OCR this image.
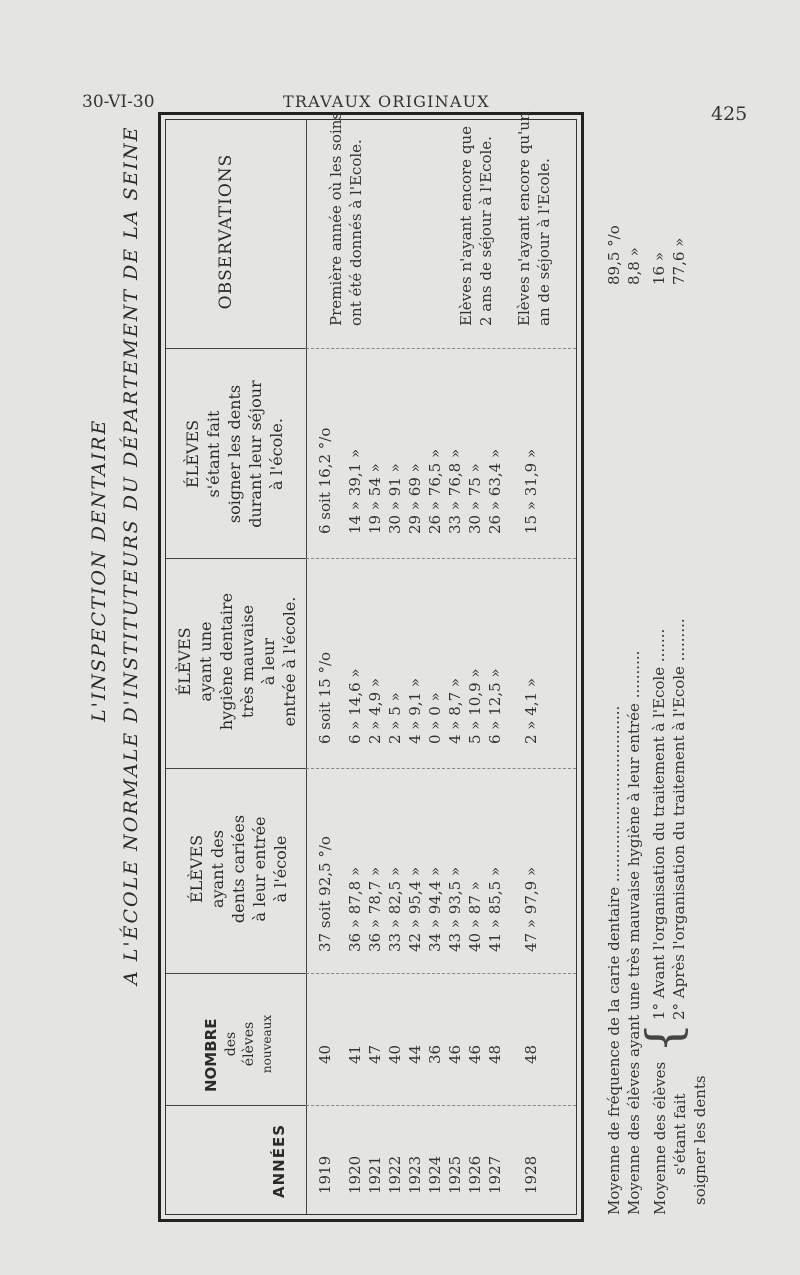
30-VI-30	TRAVAUX ORIGINAUX
425
L'INSPECTION DENTAIRE A L'ÉCOLE NORMALE D'INSTITUTEURS DU DÉPARTEMENT DE LA SEINE
ANNÉES
NOMBRE des élèves nouveaux
ÉLÈVES ayant des dents cariées à leur entrée à l'école
ÉLÈVES ayant une hygiène dentaire très mauvaise à leur entrée à l'école.
ÉLÈVES s'étant fait soigner les dents durant leur séjour à l'école.
OBSERVATIONS
1919
40
37 soit 92,5 °/o
6 soit 15 °/o
6 soit 16,2 °/o
1920
41
36 » 87,8 »
6 » 14,6 »
14 » 39,1 »
1921
47
36 » 78,7 »
2 » 4,9 »
19 » 54 »
1922
40
33 » 82,5 »
2 » 5 »
30 » 91 »
1923
44
42 » 95,4 »
4 » 9,1 »
29 » 69 »
1924
36
34 » 94,4 »
0 » 0 »
26 » 76,5 »
1925
46
43 » 93,5 »
4 » 8,7 »
33 » 76,8 »
1926
46
40 » 87 »
5 » 10,9 »
30 » 75 »
1927
48
41 » 85,5 »
6 » 12,5 »
26 » 63,4 »
1928
48
47 » 97,9 »
2 » 4,1 »
15 » 31,9 »
Première année où les soins ont été donnés à l'Ecole.	Elèves n'ayant encore que 2 ans de séjour à l'Ecole. Elèves n'ayant encore qu'un an de séjour à l'Ecole.
Moyenne de fréquence de la carie dentaire .....................................
89,5 °/o
Moyenne des élèves ayant une très mauvaise hygiène à leur entrée ..........
8,8 »
Moyenne des élèves s'étant fait soigner les dents
{
1° Avant l'organisation du traitement à l'Ecole .......
16 »
2° Après l'organisation du traitement à l'Ecole .........
77,6 »
